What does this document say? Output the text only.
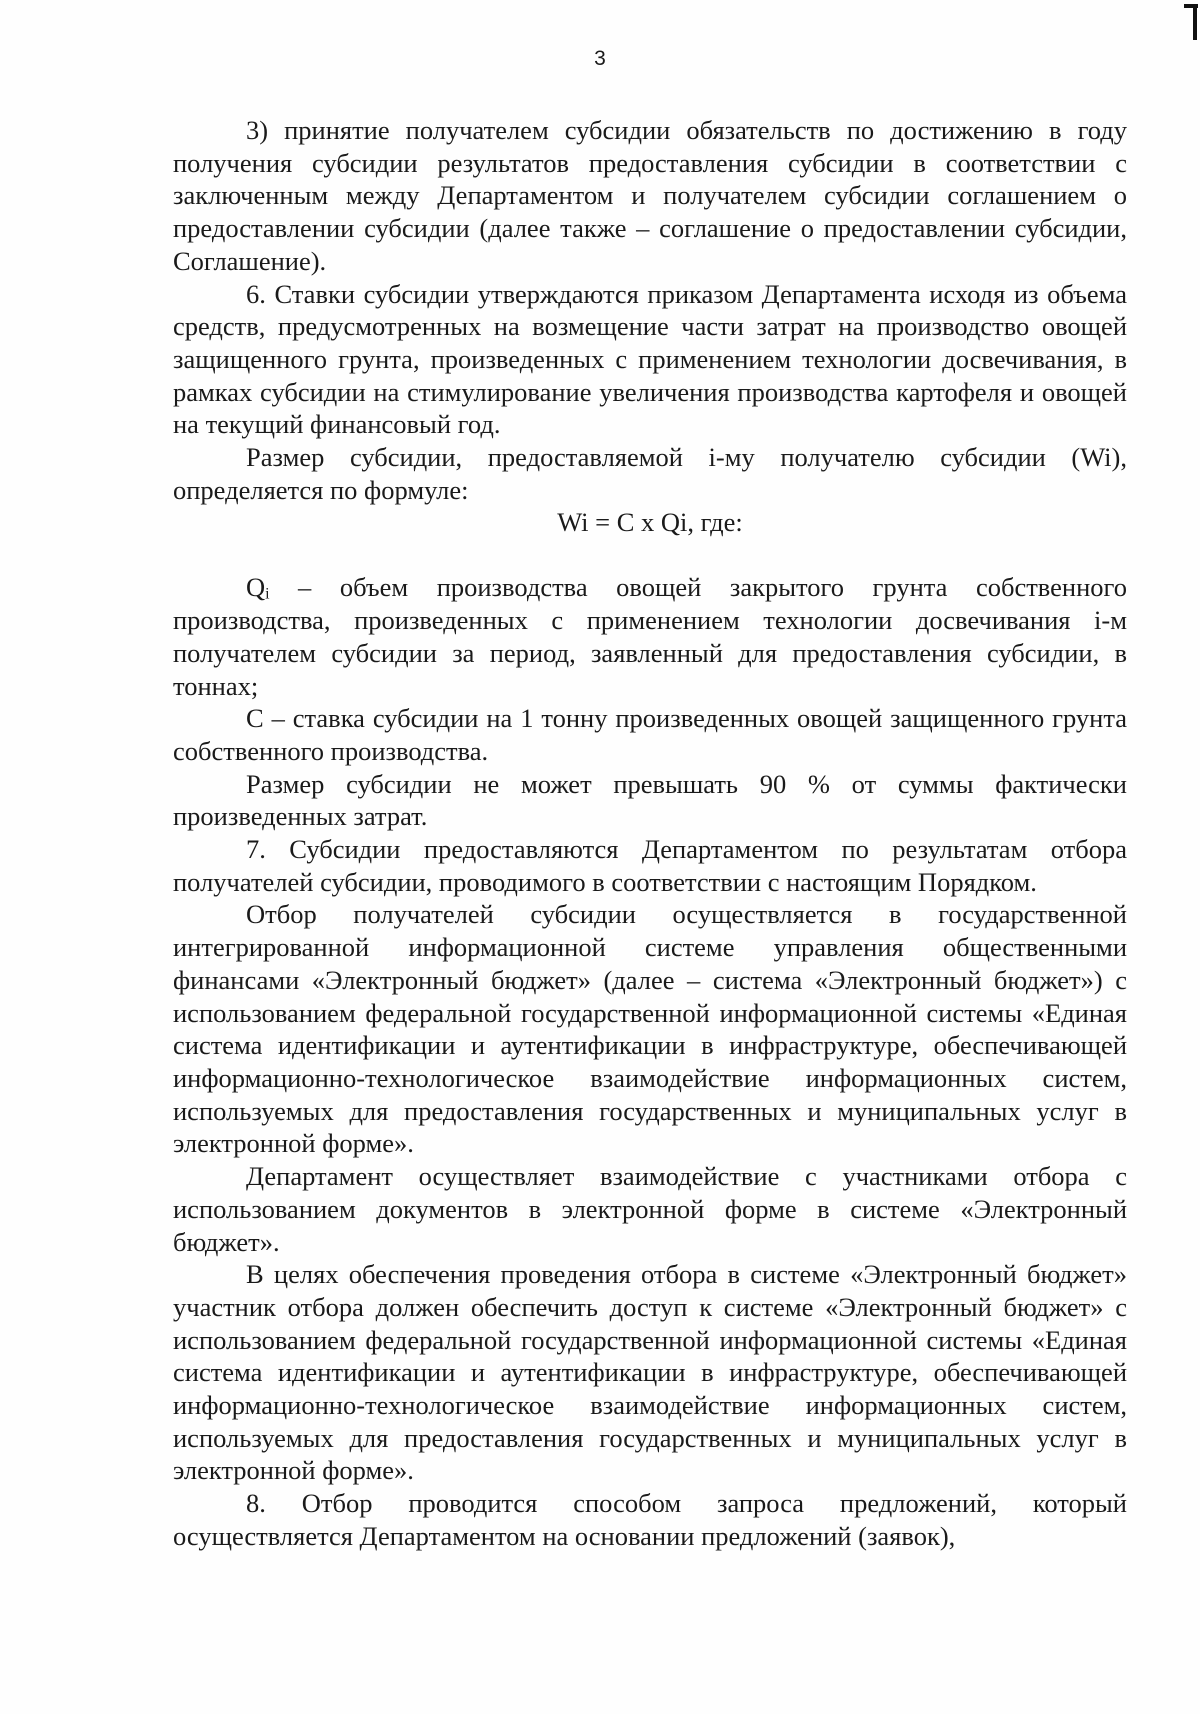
3

3) принятие получателем субсидии обязательств по достижению в году получения субсидии результатов предоставления субсидии в соответствии с заключенным между Департаментом и получателем субсидии соглашением о предоставлении субсидии (далее также – соглашение о предоставлении субсидии, Соглашение).

6. Ставки субсидии утверждаются приказом Департамента исходя из объема средств, предусмотренных на возмещение части затрат на производство овощей защищенного грунта, произведенных с применением технологии досвечивания, в рамках субсидии на стимулирование увеличения производства картофеля и овощей на текущий финансовый год.

Размер субсидии, предоставляемой i-му получателю субсидии (Wi), определяется по формуле:

Wi = C x Qi, где:

Qᵢ – объем производства овощей закрытого грунта собственного производства, произведенных с применением технологии досвечивания i-м получателем субсидии за период, заявленный для предоставления субсидии, в тоннах;

С – ставка субсидии на 1 тонну произведенных овощей защищенного грунта собственного производства.

Размер субсидии не может превышать 90 % от суммы фактически произведенных затрат.

7. Субсидии предоставляются Департаментом по результатам отбора получателей субсидии, проводимого в соответствии с настоящим Порядком.

Отбор получателей субсидии осуществляется в государственной интегрированной информационной системе управления общественными финансами «Электронный бюджет» (далее – система «Электронный бюджет») с использованием федеральной государственной информационной системы «Единая система идентификации и аутентификации в инфраструктуре, обеспечивающей информационно-технологическое взаимодействие информационных систем, используемых для предоставления государственных и муниципальных услуг в электронной форме».

Департамент осуществляет взаимодействие с участниками отбора с использованием документов в электронной форме в системе «Электронный бюджет».

В целях обеспечения проведения отбора в системе «Электронный бюджет» участник отбора должен обеспечить доступ к системе «Электронный бюджет» с использованием федеральной государственной информационной системы «Единая система идентификации и аутентификации в инфраструктуре, обеспечивающей информационно-технологическое взаимодействие информационных систем, используемых для предоставления государственных и муниципальных услуг в электронной форме».

8. Отбор проводится способом запроса предложений, который осуществляется Департаментом на основании предложений (заявок),
